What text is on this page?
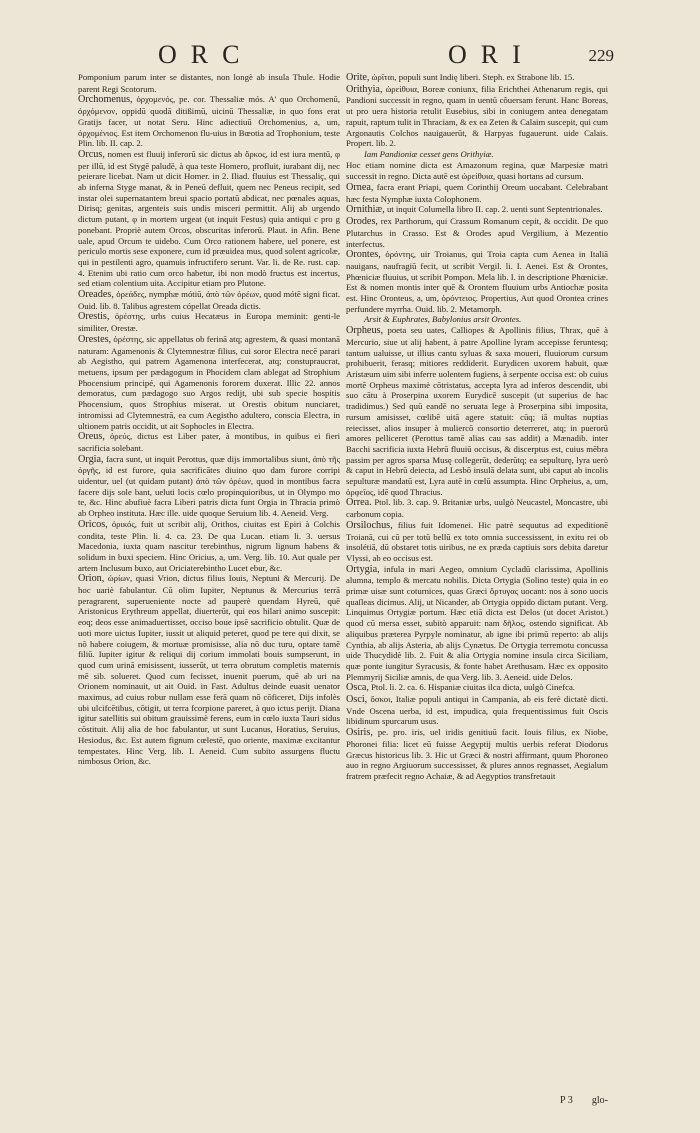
ORC	ORI	229

Pomponium parum inter se distantes, non longè ab insula Thule. Hodie parent Regi Scotorum.

Orchomenus, ὀρχομενός, pe. cor. Thessaliæ mós. A' quo Orchomenū, ὀρχόμενον, oppidū quodā ditißimū, uicinū Thessaliæ, in quo fons erat Gratijs facer, ut notat Seru. Hinc adiectiuū Orchomenius, a, um, ὀρχομένιος. Est item Orchomenon flu-uius in Bœotia ad Trophonium, teste Plin. lib. II. cap. 2.

Orcus, nomen est fluuij inferorū sic dictus ab ὅρκος, id est iura mentū, φ per illū, id est Stygē paludē, à qua teste Homero, profluit, iurabant dij, nec peierare licebat. Nam ut dicit Homer. in 2. Iliad. fluuius est Thessaliç, qui ab inferna Styge manat, & in Peneū defluit, quem nec Peneus recipit, sed instar olei supernatantem breui spacio portatū abdicat, nec pœnales aquas, Dirisq; genitas, argenteis suis undis misceri permittit. Alij ab urgendo dictum putant, φ in mortem urgeat (ut inquit Festus) quia antiqui c pro g ponebant. Propriè autem Orcos, obscuritas inferorū. Plaut. in Afin. Bene uale, apud Orcum te uidebo. Cum Orco rationem habere, uel ponere, est periculo mortis sese exponere, cum id præuidea mus, quod solent agricolæ, qui in pestilenti agro, quamuis infructifero serunt. Var. li. de Re. rust. cap. 4. Etenim ubi ratio cum orco habetur, ibi non modò fructus est incertus, sed etiam colentium uita. Accipitur etiam pro Plutone.

Oreades, ὀρεάδες, nymphæ mótiū, ἀπὸ τῶν ὀρέων, quod mótē signi ficat. Ouid. lib. 8. Talibus agrestem cópellat Oreada dictis.

Orestis, ὀρέστης, urbs cuius Hecatæus in Europa meminit: genti-le similiter, Orestæ.

Orestes, ὀρέστης, sic appellatus ob ferinā atq; agrestem, & quasi montanā naturam: Agamenonis & Clytemnestræ filius, cui soror Electra necē parari ab Aegistho, qui patrem Agamenona interfecerat, atq; constupraucrat, metuens, ipsum per pædagogum in Phocidem clam ablegat ad Strophium Phocensium principé, qui Agamenonis fororem duxerat. Illic 22. annos demoratus, cum pædagogo suo Argos redijt, ubi sub specie hospitis Phocensium, quos Strophius miserat. ut Orestis obitum nunciaret, intromissi ad Clytemnestrā, ea cum Aegistho adultero, conscia Electra, in ultionem patris occidit, ut ait Sophocles in Electra.

Oreus, ὀρεύς, dictus est Liber pater, à montibus, in quibus ei fieri sacrificia solebant.

Orgia, facra sunt, ut inquit Perottus, quæ dijs immortalibus siunt, ἀπὸ τῆς ὀργῆς, id est furore, quia sacrificātes diuino quo dam furore corripi uidentur, uel (ut quidam putant) ἀπὸ τῶν ὀρέων, quod in montibus facra facere dijs sole bant, ueluti locis cœlo propinquioribus, ut in Olympo mo te, &c. Hinc abufiuè facra Liberi patris dicta funt Orgia in Thracia primò ab Orpheo instituta. Hæc ille. uide quoque Seruium lib. 4. Aeneid. Verg.

Oricos, ὀρικός, fuit ut scribit alij, Orithos, ciuitas est Epiri à Colchis condita, teste Plin. li. 4. ca. 23. De qua Lucan. etiam li. 3. uersus Macedonia, iuxta quam nascitur terebinthus, nigrum lignum habens & solidum in buxi speciem. Hinc Oricius, a, um. Verg. lib. 10. Aut quale per artem Inclusum buxo, aut Oriciaterebintho Lucet ebur, &c.

Orion, ὠρίων, quasi Vrion, dictus filius Iouis, Neptuni & Mercurij. De hoc uariè fabulantur. Cū olim Iupiter, Neptunus & Mercurius terrā peragrarent, superueniente nocte ad pauperè quendam Hyreū, quē Aristonicus Erythreum appellat, diuerterūt, qui eos hilari animo suscepit: eoq; deos esse animaduertisset, occiso boue ipsē sacrificio obtulit. Quæ de uoti more uictus Iupiter, iussit ut aliquid peteret, quod pe tere qui dixit, se nō habere coiugem, & mortuæ promisisse, alia nō duc turu, optare tamē filiū. Iupiter igitur & reliqui dij corium immolati bouis sumpserunt, in quod cum urinā emisissent, iusserūt, ut terra obrutum completis maternis mē sib. solueret. Quod cum fecisset, inuenit puerum, quē ab uri na Orionem nominauit, ut ait Ouid. in Fast. Adultus deinde euasit uenator maximus, ad cuius robur nullam esse ferā quam nō cōficeret, Dijs infolès ubi ulcifcētibus, cōtigit, ut terra fcorpione pareret, à quo ictus perijt. Diana igitur satellitis sui obitum grauissimè ferens, eum in cœlo iuxta Tauri sidus cōstituit. Alij alia de hoc fabulantur, ut sunt Lucanus, Horatius, Seruius, Hesiodus, &c. Est autem fignum cœlestē, quo oriente, maximæ excitantur tempestates. Hinc Verg. lib. I. Aeneid. Cum subito assurgens fluctu nimbosus Orion, &c.

Orite, ὠρῖται, populi sunt Indię liberi. Steph. ex Strabone lib. 15.

Orithyia, ὠρείθυια, Boreæ coniunx, filia Erichthei Athenarum regis, qui Pandioni successit in regno, quam in uentū côuersam ferunt. Hanc Boreas, ut pro uera historia retulit Eusebius, sibi in coniugem antea denegatam rapuit, raptum tulit in Thraciam, & ex ea Zeten & Calaim suscepit, qui cum Argonautis Colchos nauigauerūt, & Harpyas fugauerunt. uide Calais. Propert. lib. 2.

Iam Pandioniæ cesset gens Orithyiæ.

Hoc etiam nomine dicta est Amazonum regina, quæ Marpesiæ matri successit in regno. Dicta autē est ὠρείθυια, quasi hortans ad cursum.

Ornea, facra erant Priapi, quem Corinthij Oreum uocabant. Celebrabant hæc festa Nymphæ iuxta Colophonem.

Ornithiæ, ut inquit Columella libro II. cap. 2. uenti sunt Septentrionales.

Orodes, rex Parthorum, qui Crassum Romanum cepit, & occidit. De quo Plutarchus in Crasso. Est & Orodes apud Vergilium, à Mezentio interfectus.

Orontes, ὀρόντης, uir Troianus, qui Troia capta cum Aenea in Italiā nauigans, naufragiū fecit, ut scribit Vergil. li. I. Aenei. Est & Orontes, Phœniciæ fluuius, ut scribit Pompon. Mela lib. I. in descriptione Phœniciæ. Est & nomen montis inter quē & Orontem fluuium urbs Antiochæ posita est. Hinc Oronteus, a, um, ὀρόντειος. Propertius, Aut quod Orontea crines perfundere myrrha. Ouid. lib. 2. Metamorph.

Arsit & Euphrates, Babylonius arsit Orontes.

Orpheus, poeta seu uates, Calliopes & Apollinis filius, Thrax, quē à Mercurio, siue ut alij habent, à patre Apolline lyram accepisse feruntesq; tantum ualuisse, ut illius cantu syluas & saxa moueri, fluuiorum cursum prohibuerit, ferasq; mitiores reddiderit. Eurydicen uxorem habuit, quæ Aristæum uim sibi inferre uolentem fugiens, à serpente occisa est: ob cuius mortē Orpheus maximè cōtristatus, accepta lyra ad inferos descendit, ubi suo cātu à Proserpina uxorem Eurydicē suscepit (ut superius de hac tradidimus.) Sed quū eandē no seruata lege à Proserpina sibi imposita, rursum amisisset, cœlibē uitā agere statuit: cūq; iā multas nuptias reiecisset, alios insuper à muliercō consortio deterreret, atq; in puerorū amores pelliceret (Perottus tamē alias cau sas addit) a Mænadib. inter Bacchi sacrificia iuxta Hebrū fluuiū occisus, & discerptus est, cuius mēbra passim per agros sparsa Musę collegerūt, dederūtq; ea sepulturę, lyra uerò & caput in Hebrū deiecta, ad Lesbō insulā delata sunt, ubi caput ab incolis sepulturæ mandatū est, Lyra autē in cœlū assumpta. Hinc Orpheius, a, um, ὀρφεῖος, idē quod Thracius.

Orrea. Ptol. lib. 3. cap. 9. Britaniæ urbs, uulgò Neucastel, Moncastre, ubi carbonum copia.

Orsilochus, filius fuit Idomenei. Hic patrè sequutus ad expeditionē Troianā, cui cū per totū bellū ex toto omnia successissent, in exitu rei ob insolétiā, dū obstaret totis uiribus, ne ex præda captiuis sors debita daretur Vlyssi, ab eo occisus est.

Ortygia, infula in mari Aegeo, omnium Cycladū clarissima, Apollinis alumna, templo & mercatu nobilis. Dicta Ortygia (Solino teste) quia in eo primæ uisæ sunt coturnices, quas Græci ὄρτυγας uocant: nos à sono uocis quaſleas dicimus. Alij, ut Nicander, ab Ortygia oppido dictam putant. Verg. Linquimus Ortygiæ portum. Hæc etiā dicta est Delos (ut docet Aristot.) quod cū mersa esset, subitò apparuit: nam δῆλος, ostendo significat. Ab aliquibus præterea Pyrpyle nominatur, ab igne ibi primū reperto: ab alijs Cynthia, ab alijs Asteria, ab alijs Cynætus. De Ortygia terremotu concussa uide Thucydidè lib. 2. Fuit & alia Ortygia nomine insula circa Siciliam, quæ ponte iungitur Syracusis, & fonte habet Arethusam. Hæc ex opposito Plemmyrij Siciliæ amnis, de qua Verg. lib. 3. Aeneid. uide Delos.

Osca, Ptol. li. 2. ca. 6. Hispaniæ ciuitas ilca dicta, uulgò Cinefca.

Osci, ὄσκοι, Italiæ populi antiqui in Campania, ab eis ferè dictatè dicti. Vnde Oscena uerba, id est, impudica, quia frequentissimus fuit Oscis libidinum spurcarum usus.

Osiris, pe. pro. iris, uel iridis genitiuū facit. Iouis filius, ex Niobe, Phoronei filia: licet eū fuisse Aegyptij multis uerbis referat Diodorus Græcus historicus lib. 3. Hic ut Græci & nostri affirmant, quum Phoroneo auo in regno Argiuorum successisset, & plures annos regnasset, Aegialum fratrem præfecit regno Achaiæ, & ad Aegyptios transfretauit

P 3 glo-
